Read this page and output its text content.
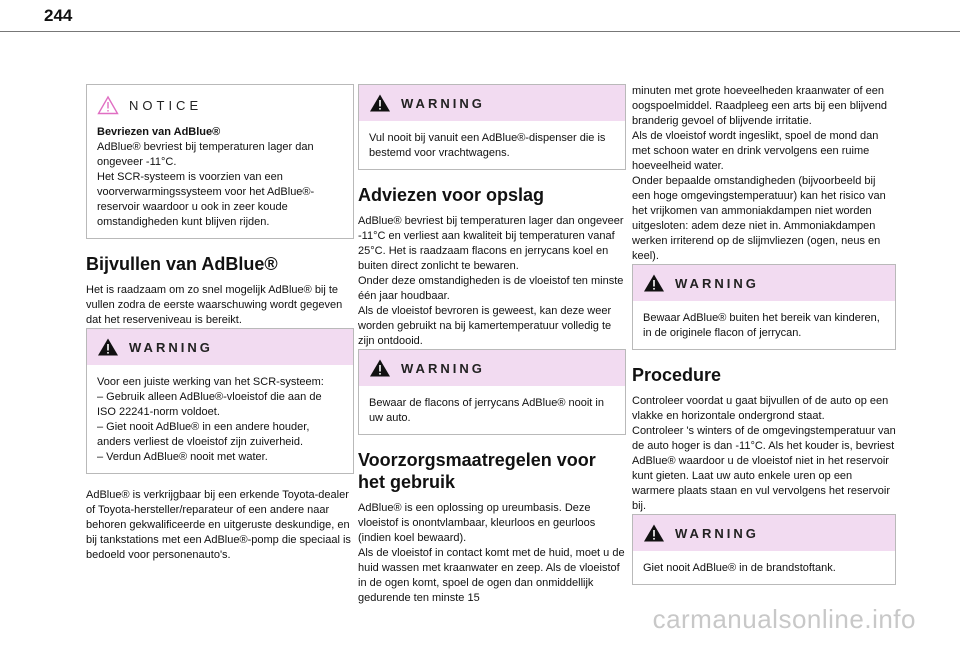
244
NOTICE

Bevriezen van AdBlue®

AdBlue® bevriest bij temperaturen lager dan ongeveer -11°C.
Het SCR-systeem is voorzien van een voorverwarmingssysteem voor het AdBlue®-reservoir waardoor u ook in zeer koude omstandigheden kunt blijven rijden.

Bijvullen van AdBlue®

Het is raadzaam om zo snel mogelijk AdBlue® bij te vullen zodra de eerste waarschuwing wordt gegeven dat het reserveniveau is bereikt.

WARNING

Voor een juiste werking van het SCR-systeem:
– Gebruik alleen AdBlue®-vloeistof die aan de ISO 22241-norm voldoet.
– Giet nooit AdBlue® in een andere houder, anders verliest de vloeistof zijn zuiverheid.
– Verdun AdBlue® nooit met water.

AdBlue® is verkrijgbaar bij een erkende Toyota-dealer of Toyota-hersteller/reparateur of een andere naar behoren gekwalificeerde en uitgeruste deskundige, en bij tankstations met een AdBlue®-pomp die speciaal is bedoeld voor personenauto's.

WARNING

Vul nooit bij vanuit een AdBlue®-dispenser die is bestemd voor vrachtwagens.

Adviezen voor opslag

AdBlue® bevriest bij temperaturen lager dan ongeveer -11°C en verliest aan kwaliteit bij temperaturen vanaf 25°C. Het is raadzaam flacons en jerrycans koel en buiten direct zonlicht te bewaren.
Onder deze omstandigheden is de vloeistof ten minste één jaar houdbaar.
Als de vloeistof bevroren is geweest, kan deze weer worden gebruikt na bij kamertemperatuur volledig te zijn ontdooid.

WARNING

Bewaar de flacons of jerrycans AdBlue® nooit in uw auto.

Voorzorgsmaatregelen voor het gebruik

AdBlue® is een oplossing op ureumbasis. Deze vloeistof is onontvlambaar, kleurloos en geurloos (indien koel bewaard).
Als de vloeistof in contact komt met de huid, moet u de huid wassen met kraanwater en zeep. Als de vloeistof in de ogen komt, spoel de ogen dan onmiddellijk gedurende ten minste 15

minuten met grote hoeveelheden kraanwater of een oogspoelmiddel. Raadpleeg een arts bij een blijvend branderig gevoel of blijvende irritatie.
Als de vloeistof wordt ingeslikt, spoel de mond dan met schoon water en drink vervolgens een ruime hoeveelheid water.
Onder bepaalde omstandigheden (bijvoorbeeld bij een hoge omgevingstemperatuur) kan het risico van het vrijkomen van ammoniakdampen niet worden uitgesloten: adem deze niet in. Ammoniakdampen werken irriterend op de slijmvliezen (ogen, neus en keel).

WARNING

Bewaar AdBlue® buiten het bereik van kinderen, in de originele flacon of jerrycan.

Procedure

Controleer voordat u gaat bijvullen of de auto op een vlakke en horizontale ondergrond staat.
Controleer 's winters of de omgevingstemperatuur van de auto hoger is dan -11°C. Als het kouder is, bevriest AdBlue® waardoor u de vloeistof niet in het reservoir kunt gieten. Laat uw auto enkele uren op een warmere plaats staan en vul vervolgens het reservoir bij.

WARNING

Giet nooit AdBlue® in de brandstoftank.

carmanualsonline.info
